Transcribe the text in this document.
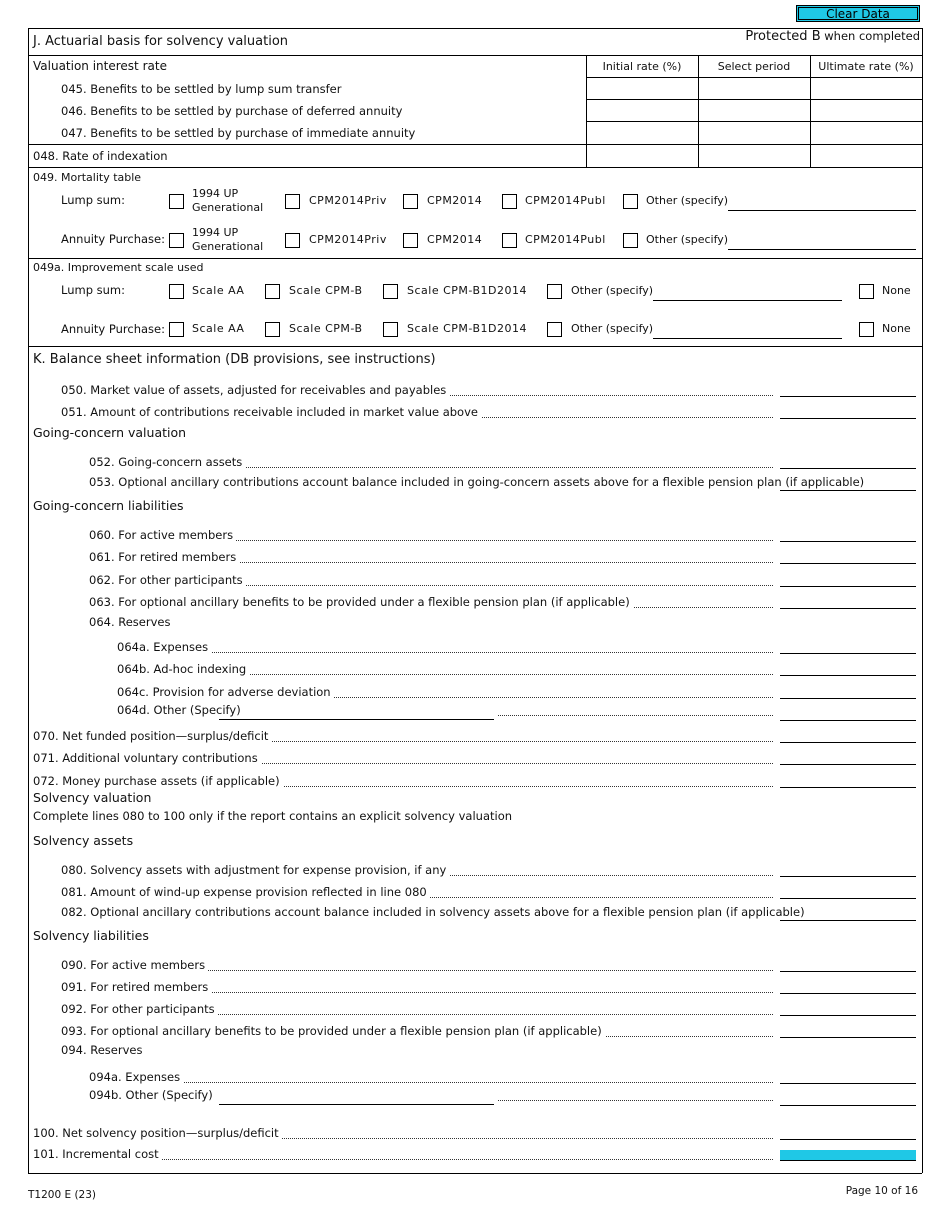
Clear Data
J. Actuarial basis for solvency valuation	Protected B when completed
Valuation interest rate	Initial rate (%)	Select period	Ultimate rate (%)
045. Benefits to be settled by lump sum transfer
046. Benefits to be settled by purchase of deferred annuity
047. Benefits to be settled by purchase of immediate annuity
048. Rate of indexation
049. Mortality table
Lump sum:	1994 UP
Generational
CPM2014Priv	CPM2014	CPM2014Publ	Other (specify)
Annuity Purchase: 1994 UP
Generational
CPM2014Priv	CPM2014	CPM2014Publ	Other (specify)
049a. Improvement scale used
Lump sum:	Scale AA	Scale CPM-B	Scale CPM-B1D2014	Other (specify)	None
Annuity Purchase: Scale AA	Scale CPM-B	Scale CPM-B1D2014	Other (specify)	None
K. Balance sheet information (DB provisions, see instructions)
050. Market value of assets, adjusted for receivables and payables
051. Amount of contributions receivable included in market value above
Going-concern valuation
052. Going-concern assets
053. Optional ancillary contributions account balance included in going-concern assets above for a flexible pension plan (if applicable)
Going-concern liabilities
060. For active members
061. For retired members
062. For other participants
063. For optional ancillary benefits to be provided under a flexible pension plan (if applicable)
064. Reserves
064a. Expenses
064b. Ad-hoc indexing
064c. Provision for adverse deviation
064d. Other (Specify)
070. Net funded position—surplus/deficit
071. Additional voluntary contributions
072. Money purchase assets (if applicable)
Solvency valuation
Complete lines 080 to 100 only if the report contains an explicit solvency valuation
Solvency assets
080. Solvency assets with adjustment for expense provision, if any
081. Amount of wind-up expense provision reflected in line 080
082. Optional ancillary contributions account balance included in solvency assets above for a flexible pension plan (if applicable)
Solvency liabilities
090. For active members
091. For retired members
092. For other participants
093. For optional ancillary benefits to be provided under a flexible pension plan (if applicable)
094. Reserves
094a. Expenses
094b. Other (Specify)
100. Net solvency position—surplus/deficit
101. Incremental cost
T1200 E (23)	Page 10 of 16
